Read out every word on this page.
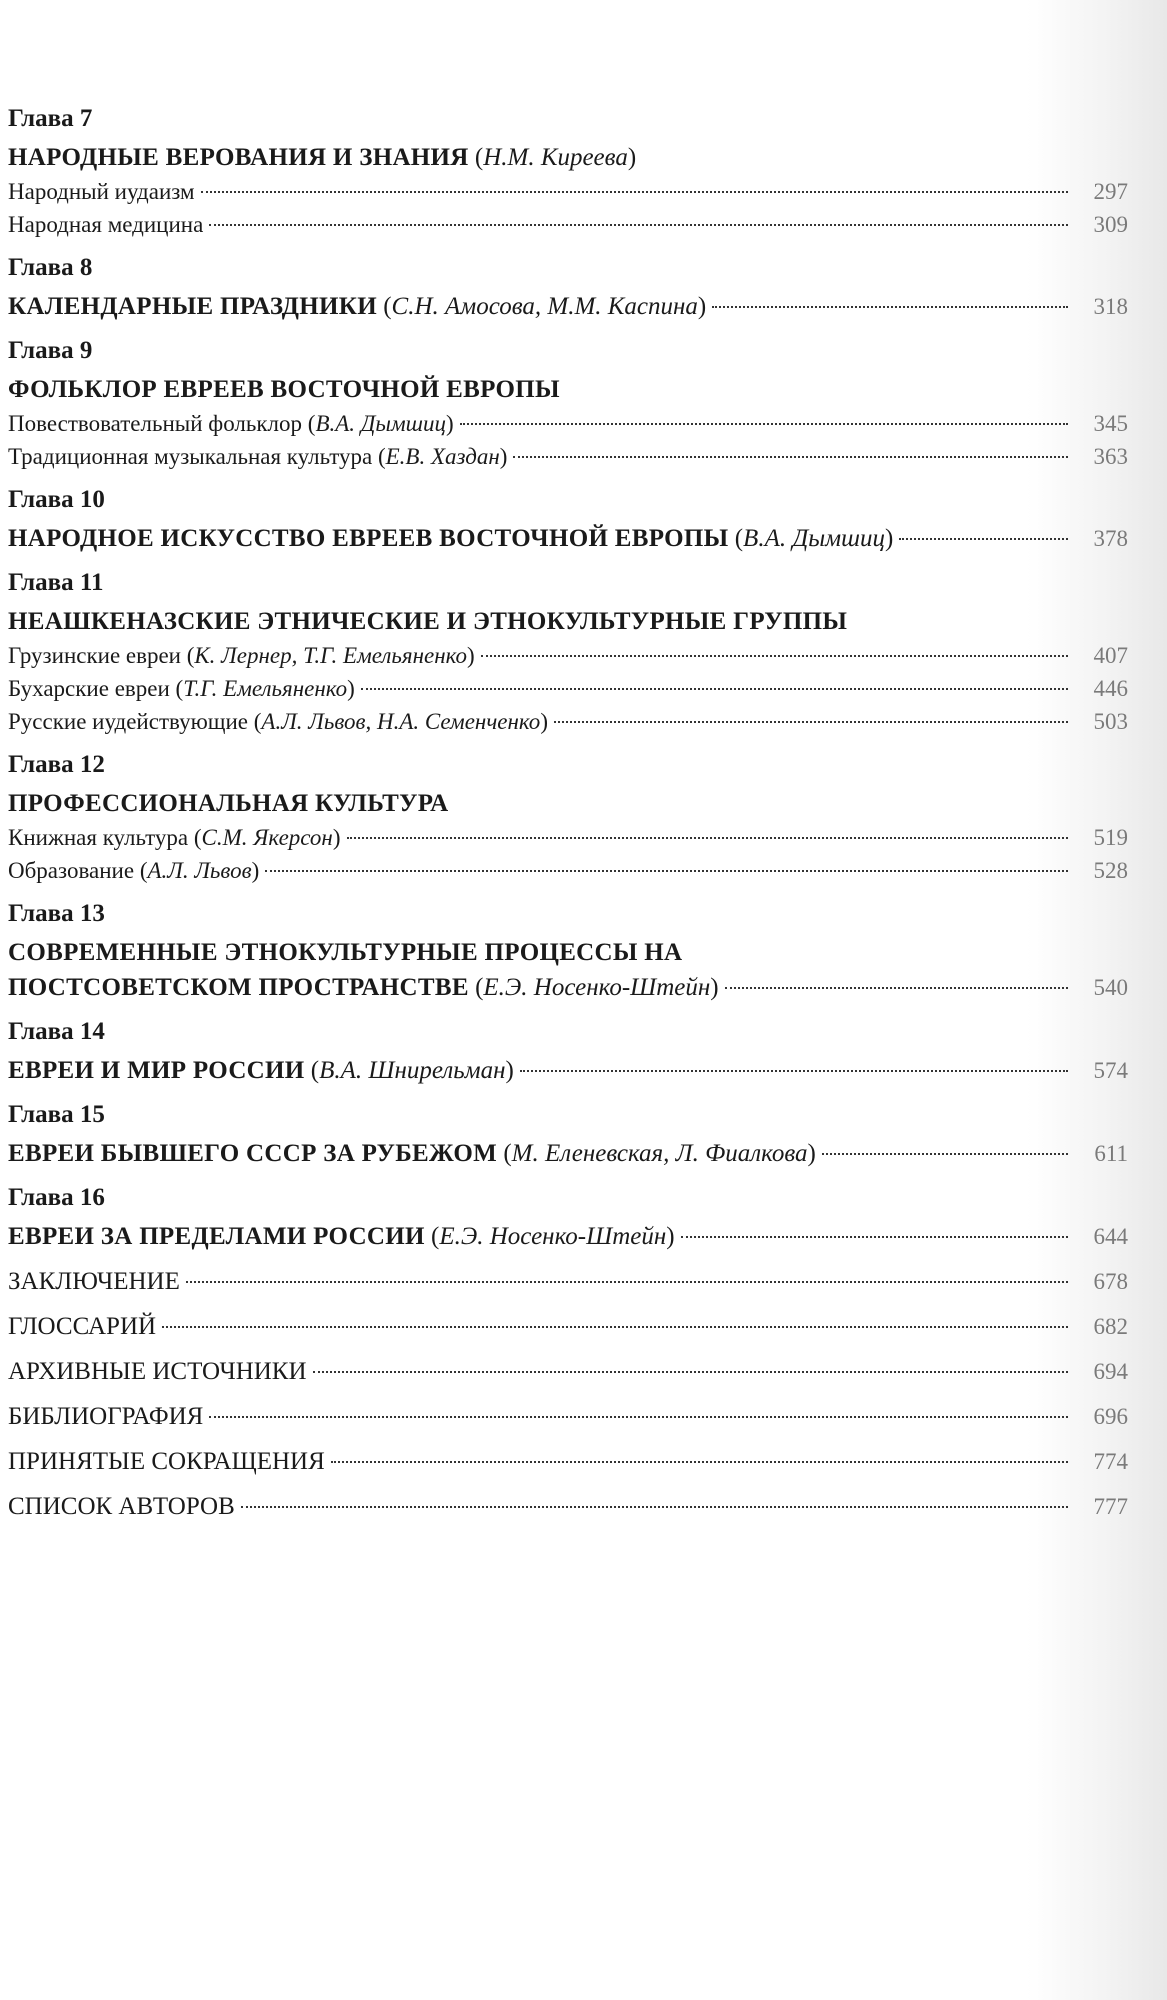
Глава 7
НАРОДНЫЕ ВЕРОВАНИЯ И ЗНАНИЯ (Н.М. Киреева)
Народный иудаизм	297
Народная медицина	309
Глава 8
КАЛЕНДАРНЫЕ ПРАЗДНИКИ (С.Н. Амосова, М.М. Каспина)	318
Глава 9
ФОЛЬКЛОР ЕВРЕЕВ ВОСТОЧНОЙ ЕВРОПЫ
Повествовательный фольклор (В.А. Дымшиц)	345
Традиционная музыкальная культура (Е.В. Хаздан)	363
Глава 10
НАРОДНОЕ ИСКУССТВО ЕВРЕЕВ ВОСТОЧНОЙ ЕВРОПЫ (В.А. Дымшиц)	378
Глава 11
НЕАШКЕНАЗСКИЕ ЭТНИЧЕСКИЕ И ЭТНОКУЛЬТУРНЫЕ ГРУППЫ
Грузинские евреи (К. Лернер, Т.Г. Емельяненко)	407
Бухарские евреи (Т.Г. Емельяненко)	446
Русские иудействующие (А.Л. Львов, Н.А. Семенченко)	503
Глава 12
ПРОФЕССИОНАЛЬНАЯ КУЛЬТУРА
Книжная культура (С.М. Якерсон)	519
Образование (А.Л. Львов)	528
Глава 13
СОВРЕМЕННЫЕ ЭТНОКУЛЬТУРНЫЕ ПРОЦЕССЫ НА
ПОСТСОВЕТСКОМ ПРОСТРАНСТВЕ (Е.Э. Носенко-Штейн)	540
Глава 14
ЕВРЕИ И МИР РОССИИ (В.А. Шнирельман)	574
Глава 15
ЕВРЕИ БЫВШЕГО СССР ЗА РУБЕЖОМ (М. Еленевская, Л. Фиалкова)	611
Глава 16
ЕВРЕИ ЗА ПРЕДЕЛАМИ РОССИИ (Е.Э. Носенко-Штейн)	644
ЗАКЛЮЧЕНИЕ	678
ГЛОССАРИЙ	682
АРХИВНЫЕ ИСТОЧНИКИ	694
БИБЛИОГРАФИЯ	696
ПРИНЯТЫЕ СОКРАЩЕНИЯ	774
СПИСОК АВТОРОВ	777
